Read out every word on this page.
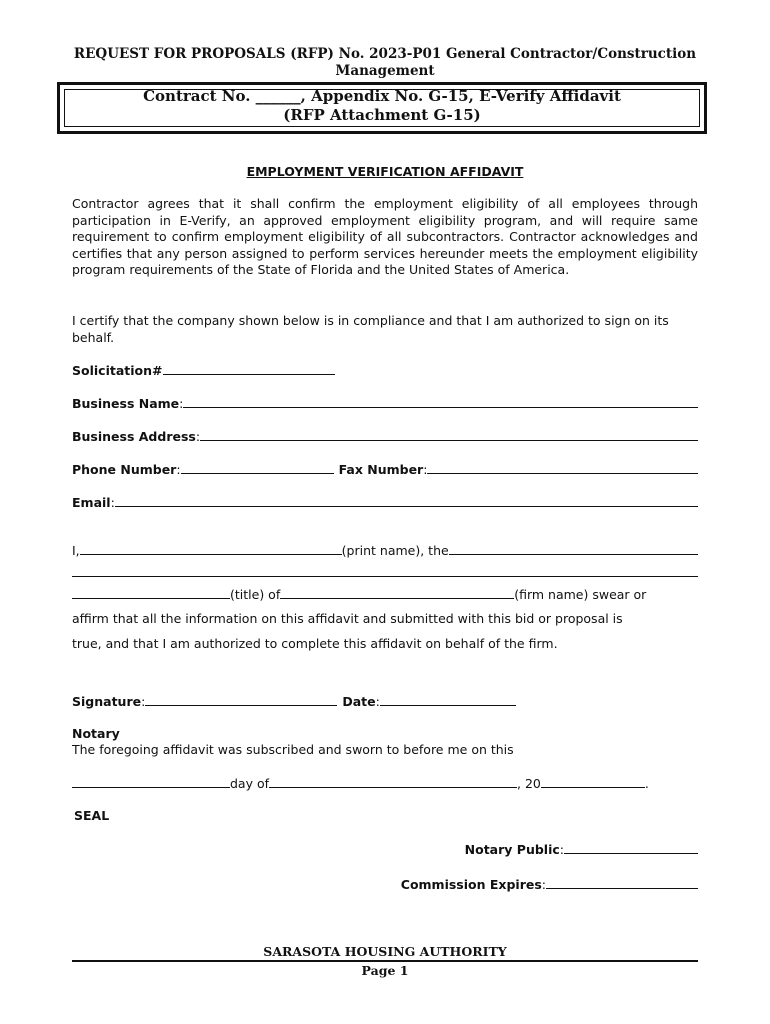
REQUEST FOR PROPOSALS (RFP) No. 2023-P01 General Contractor/Construction
Management
Contract No. ______, Appendix No. G-15, E-Verify Affidavit
(RFP Attachment G-15)
EMPLOYMENT VERIFICATION AFFIDAVIT
Contractor agrees that it shall confirm the employment eligibility of all employees through participation in E-Verify, an approved employment eligibility program, and will require same requirement to confirm employment eligibility of all subcontractors. Contractor acknowledges and certifies that any person assigned to perform services hereunder meets the employment eligibility program requirements of the State of Florida and the United States of America.
I certify that the company shown below is in compliance and that I am authorized to sign on its behalf.
Solicitation#
Business Name :
Business Address :
Phone Number :	Fax Number :
Email :
I,	(print name), the
(title) of	(firm name) swear or
affirm that all the information on this affidavit and submitted with this bid or proposal is
true, and that I am authorized to complete this affidavit on behalf of the firm.
Signature :	Date :
Notary
The foregoing affidavit was subscribed and sworn to before me on this
day of	, 20	.
SEAL
Notary Public :
Commission Expires :
SARASOTA HOUSING AUTHORITY
Page 1
